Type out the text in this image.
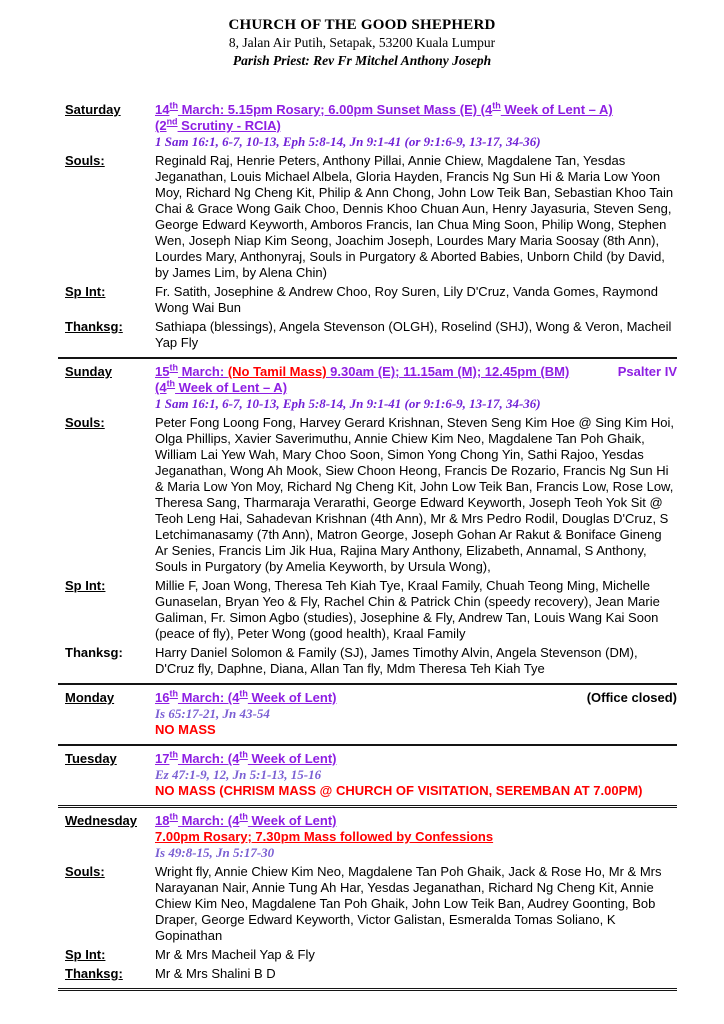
CHURCH OF THE GOOD SHEPHERD
8, Jalan Air Putih, Setapak, 53200 Kuala Lumpur
Parish Priest: Rev Fr Mitchel Anthony Joseph
Saturday	14th March: 5.15pm Rosary; 6.00pm Sunset Mass (E) (4th Week of Lent – A)
(2nd Scrutiny - RCIA)
1 Sam 16:1, 6-7, 10-13, Eph 5:8-14, Jn 9:1-41 (or 9:1:6-9, 13-17, 34-36)
Souls:	Reginald Raj, Henrie Peters, Anthony Pillai, Annie Chiew, Magdalene Tan, Yesdas Jeganathan, Louis Michael Albela, Gloria Hayden, Francis Ng Sun Hi & Maria Low Yoon Moy, Richard Ng Cheng Kit, Philip & Ann Chong, John Low Teik Ban, Sebastian Khoo Tain Chai & Grace Wong Gaik Choo, Dennis Khoo Chuan Aun, Henry Jayasuria, Steven Seng, George Edward Keyworth, Amboros Francis, Ian Chua Ming Soon, Philip Wong, Stephen Wen, Joseph Niap Kim Seong, Joachim Joseph, Lourdes Mary Maria Soosay (8th Ann), Lourdes Mary, Anthonyraj, Souls in Purgatory & Aborted Babies, Unborn Child (by David, by James Lim, by Alena Chin)
Sp Int:	Fr. Satith, Josephine & Andrew Choo, Roy Suren, Lily D'Cruz, Vanda Gomes, Raymond Wong Wai Bun
Thanksg:	Sathiapa (blessings), Angela Stevenson (OLGH), Roselind (SHJ), Wong & Veron, Macheil Yap Fly
Sunday	15th March: (No Tamil Mass) 9.30am (E); 11.15am (M); 12.45pm (BM)	Psalter IV
(4th Week of Lent – A)
1 Sam 16:1, 6-7, 10-13, Eph 5:8-14, Jn 9:1-41 (or 9:1:6-9, 13-17, 34-36)
Souls:	Peter Fong Loong Fong, Harvey Gerard Krishnan, Steven Seng Kim Hoe @ Sing Kim Hoi, Olga Phillips, Xavier Saverimuthu, Annie Chiew Kim Neo, Magdalene Tan Poh Ghaik, William Lai Yew Wah, Mary Choo Soon, Simon Yong Chong Yin, Sathi Rajoo, Yesdas Jeganathan, Wong Ah Mook, Siew Choon Heong, Francis De Rozario, Francis Ng Sun Hi & Maria Low Yon Moy, Richard Ng Cheng Kit, John Low Teik Ban, Francis Low, Rose Low, Theresa Sang, Tharmaraja Verarathi, George Edward Keyworth, Joseph Teoh Yok Sit @ Teoh Leng Hai, Sahadevan Krishnan (4th Ann), Mr & Mrs Pedro Rodil, Douglas D'Cruz, S Letchimanasamy (7th Ann), Matron George, Joseph Gohan Ar Rakut & Boniface Gineng Ar Senies, Francis Lim Jik Hua, Rajina Mary Anthony, Elizabeth, Annamal, S Anthony, Souls in Purgatory (by Amelia Keyworth, by Ursula Wong),
Sp Int:	Millie F, Joan Wong, Theresa Teh Kiah Tye, Kraal Family, Chuah Teong Ming, Michelle Gunaselan, Bryan Yeo & Fly, Rachel Chin & Patrick Chin (speedy recovery), Jean Marie Galiman, Fr. Simon Agbo (studies), Josephine & Fly, Andrew Tan, Louis Wang Kai Soon (peace of fly), Peter Wong (good health), Kraal Family
Thanksg:	Harry Daniel Solomon & Family (SJ), James Timothy Alvin, Angela Stevenson (DM), D'Cruz fly, Daphne, Diana, Allan Tan fly, Mdm Theresa Teh Kiah Tye
Monday	16th March: (4th Week of Lent)	(Office closed)
Is 65:17-21, Jn 43-54
NO MASS
Tuesday	17th March: (4th Week of Lent)
Ez 47:1-9, 12, Jn 5:1-13, 15-16
NO MASS (CHRISM MASS @ CHURCH OF VISITATION, SEREMBAN AT 7.00PM)
Wednesday	18th March: (4th Week of Lent)
7.00pm Rosary; 7.30pm Mass followed by Confessions
Is 49:8-15, Jn 5:17-30
Souls:	Wright fly, Annie Chiew Kim Neo, Magdalene Tan Poh Ghaik, Jack & Rose Ho, Mr & Mrs Narayanan Nair, Annie Tung Ah Har, Yesdas Jeganathan, Richard Ng Cheng Kit, Annie Chiew Kim Neo, Magdalene Tan Poh Ghaik, John Low Teik Ban, Audrey Goonting, Bob Draper, George Edward Keyworth, Victor Galistan, Esmeralda Tomas Soliano, K Gopinathan
Sp Int:	Mr & Mrs Macheil Yap & Fly
Thanksg:	Mr & Mrs Shalini B D
